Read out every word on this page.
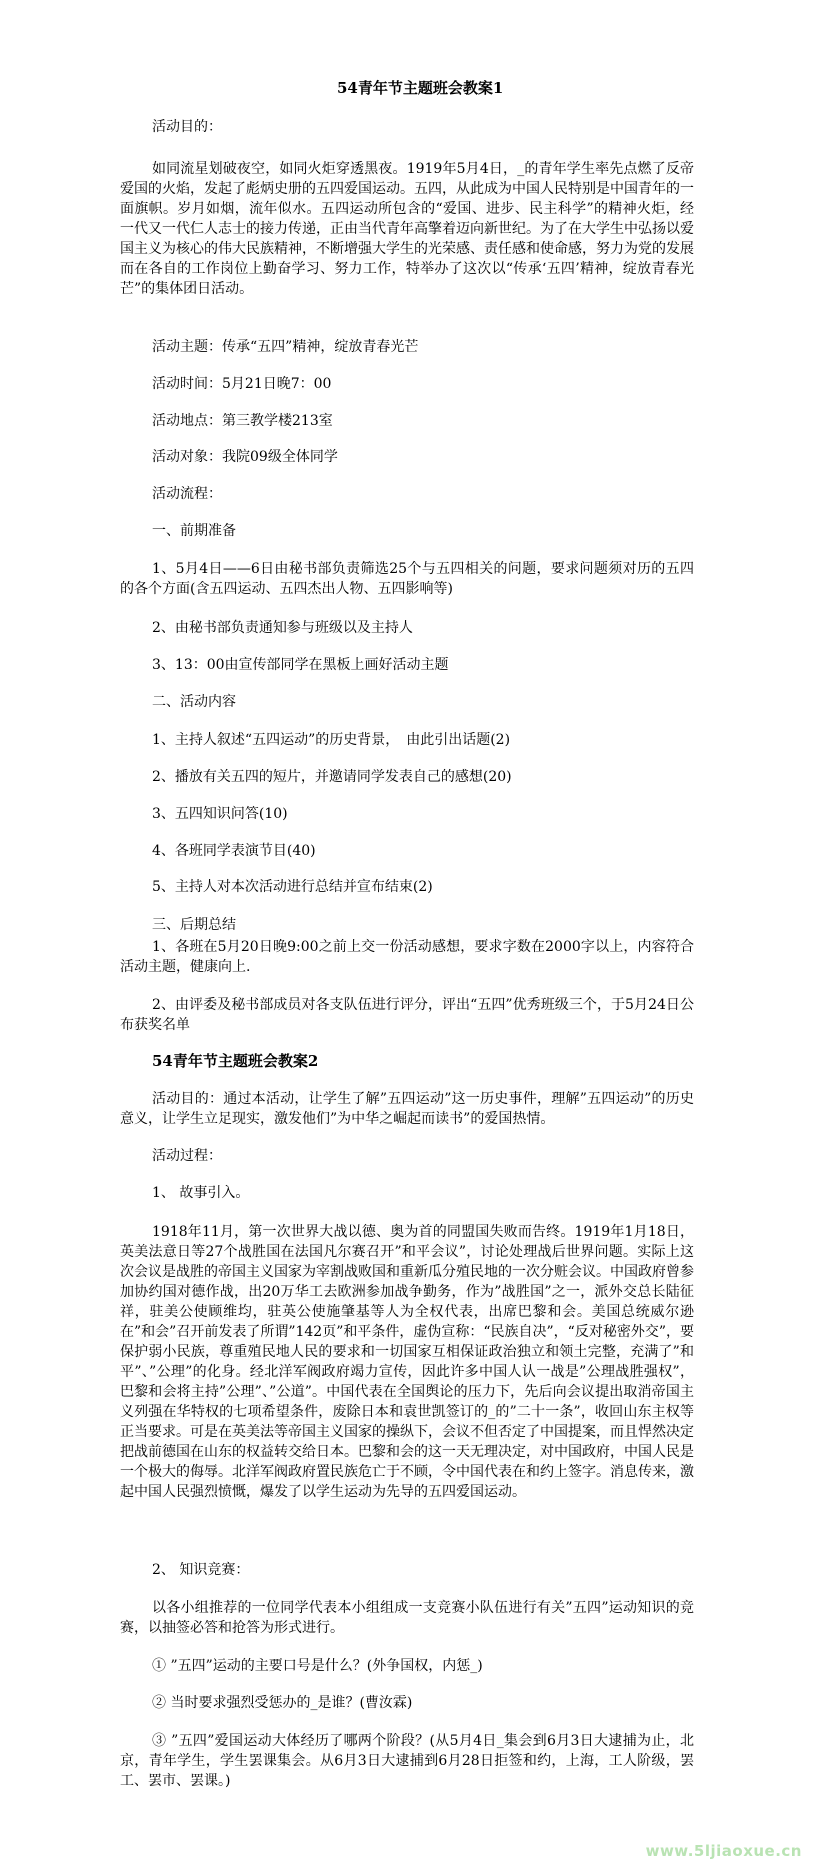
54青年节主题班会教案1

活动目的：

如同流星划破夜空，如同火炬穿透黑夜。1919年5月4日，_的青年学生率先点燃了反帝爱国的火焰，发起了彪炳史册的五四爱国运动。五四，从此成为中国人民特别是中国青年的一面旗帜。岁月如烟，流年似水。五四运动所包含的“爱国、进步、民主科学”的精神火炬，经一代又一代仁人志士的接力传递，正由当代青年高擎着迈向新世纪。为了在大学生中弘扬以爱国主义为核心的伟大民族精神，不断增强大学生的光荣感、责任感和使命感，努力为党的发展而在各自的工作岗位上勤奋学习、努力工作，特举办了这次以“传承‘五四’精神，绽放青春光芒”的集体团日活动。

活动主题：传承“五四”精神，绽放青春光芒

活动时间：5月21日晚7：00

活动地点：第三教学楼213室

活动对象：我院09级全体同学

活动流程：

一、前期准备

1、5月4日——6日由秘书部负责筛选25个与五四相关的问题，要求问题须对历的五四的各个方面(含五四运动、五四杰出人物、五四影响等)

2、由秘书部负责通知参与班级以及主持人

3、13：00由宣传部同学在黑板上画好活动主题

二、活动内容

1、主持人叙述“五四运动”的历史背景，　由此引出话题(2)

2、播放有关五四的短片，并邀请同学发表自己的感想(20)

3、五四知识问答(10)

4、各班同学表演节目(40)

5、主持人对本次活动进行总结并宣布结束(2)

三、后期总结

1、各班在5月20日晚9:00之前上交一份活动感想，要求字数在2000字以上，内容符合活动主题，健康向上.

2、由评委及秘书部成员对各支队伍进行评分，评出“五四”优秀班级三个，于5月24日公布获奖名单

54青年节主题班会教案2

活动目的：通过本活动，让学生了解”五四运动”这一历史事件，理解”五四运动”的历史意义，让学生立足现实，激发他们”为中华之崛起而读书”的爱国热情。

活动过程：

1、 故事引入。

1918年11月，第一次世界大战以德、奥为首的同盟国失败而告终。1919年1月18日，英美法意日等27个战胜国在法国凡尔赛召开”和平会议”，讨论处理战后世界问题。实际上这次会议是战胜的帝国主义国家为宰割战败国和重新瓜分殖民地的一次分赃会议。中国政府曾参加协约国对德作战，出20万华工去欧洲参加战争勤务，作为”战胜国”之一，派外交总长陆征祥，驻美公使顾维均，驻英公使施肇基等人为全权代表，出席巴黎和会。美国总统威尔逊在”和会”召开前发表了所谓”142页”和平条件，虚伪宣称：“民族自决”，“反对秘密外交”，要保护弱小民族，尊重殖民地人民的要求和一切国家互相保证政治独立和领土完整，充满了”和平”、”公理”的化身。经北洋军阀政府竭力宣传，因此许多中国人认一战是”公理战胜强权”，巴黎和会将主持”公理”、”公道”。中国代表在全国舆论的压力下，先后向会议提出取消帝国主义列强在华特权的七项希望条件，废除日本和袁世凯签订的_的”二十一条”，收回山东主权等正当要求。可是在英美法等帝国主义国家的操纵下，会议不但否定了中国提案，而且悍然决定把战前德国在山东的权益转交给日本。巴黎和会的这一天无理决定，对中国政府，中国人民是一个极大的侮辱。北洋军阀政府置民族危亡于不顾，令中国代表在和约上签字。消息传来，激起中国人民强烈愤慨，爆发了以学生运动为先导的五四爱国运动。

2、 知识竞赛：

以各小组推荐的一位同学代表本小组组成一支竞赛小队伍进行有关”五四”运动知识的竞赛，以抽签必答和抢答为形式进行。

① ”五四”运动的主要口号是什么？(外争国权，内惩_)

② 当时要求强烈受惩办的_是谁？(曹汝霖)

③ ”五四”爱国运动大体经历了哪两个阶段？(从5月4日_集会到6月3日大逮捕为止，北京，青年学生，学生罢课集会。从6月3日大逮捕到6月28日拒签和约，上海，工人阶级，罢工、罢市、罢课。)

www.5ljiaoxue.cn
